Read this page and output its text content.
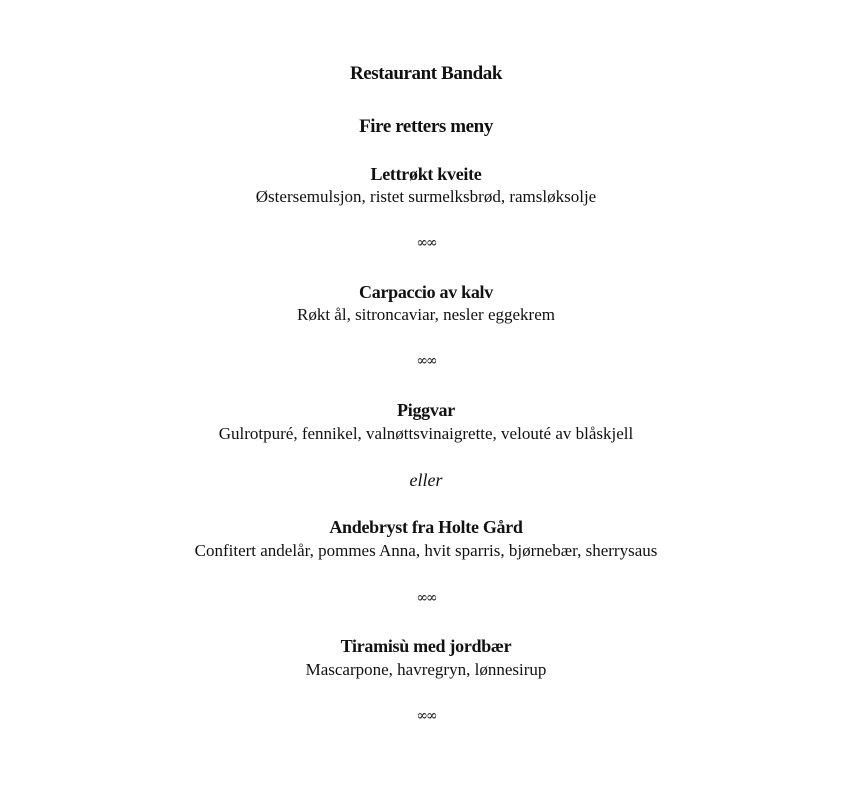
Restaurant Bandak
Fire retters meny
Lettrøkt kveite
Østersemulsjon, ristet surmelksbrød, ramsløksolje
∞∞
Carpaccio av kalv
Røkt ål, sitroncaviar, nesler eggekrem
∞∞
Piggvar
Gulrotpuré, fennikel, valnøttsvinaigrette, velouté av blåskjell
eller
Andebryst fra Holte Gård
Confitert andelår, pommes Anna, hvit sparris, bjørnebær, sherrysaus
∞∞
Tiramisù med jordbær
Mascarpone, havregryn, lønnesirup
∞∞
